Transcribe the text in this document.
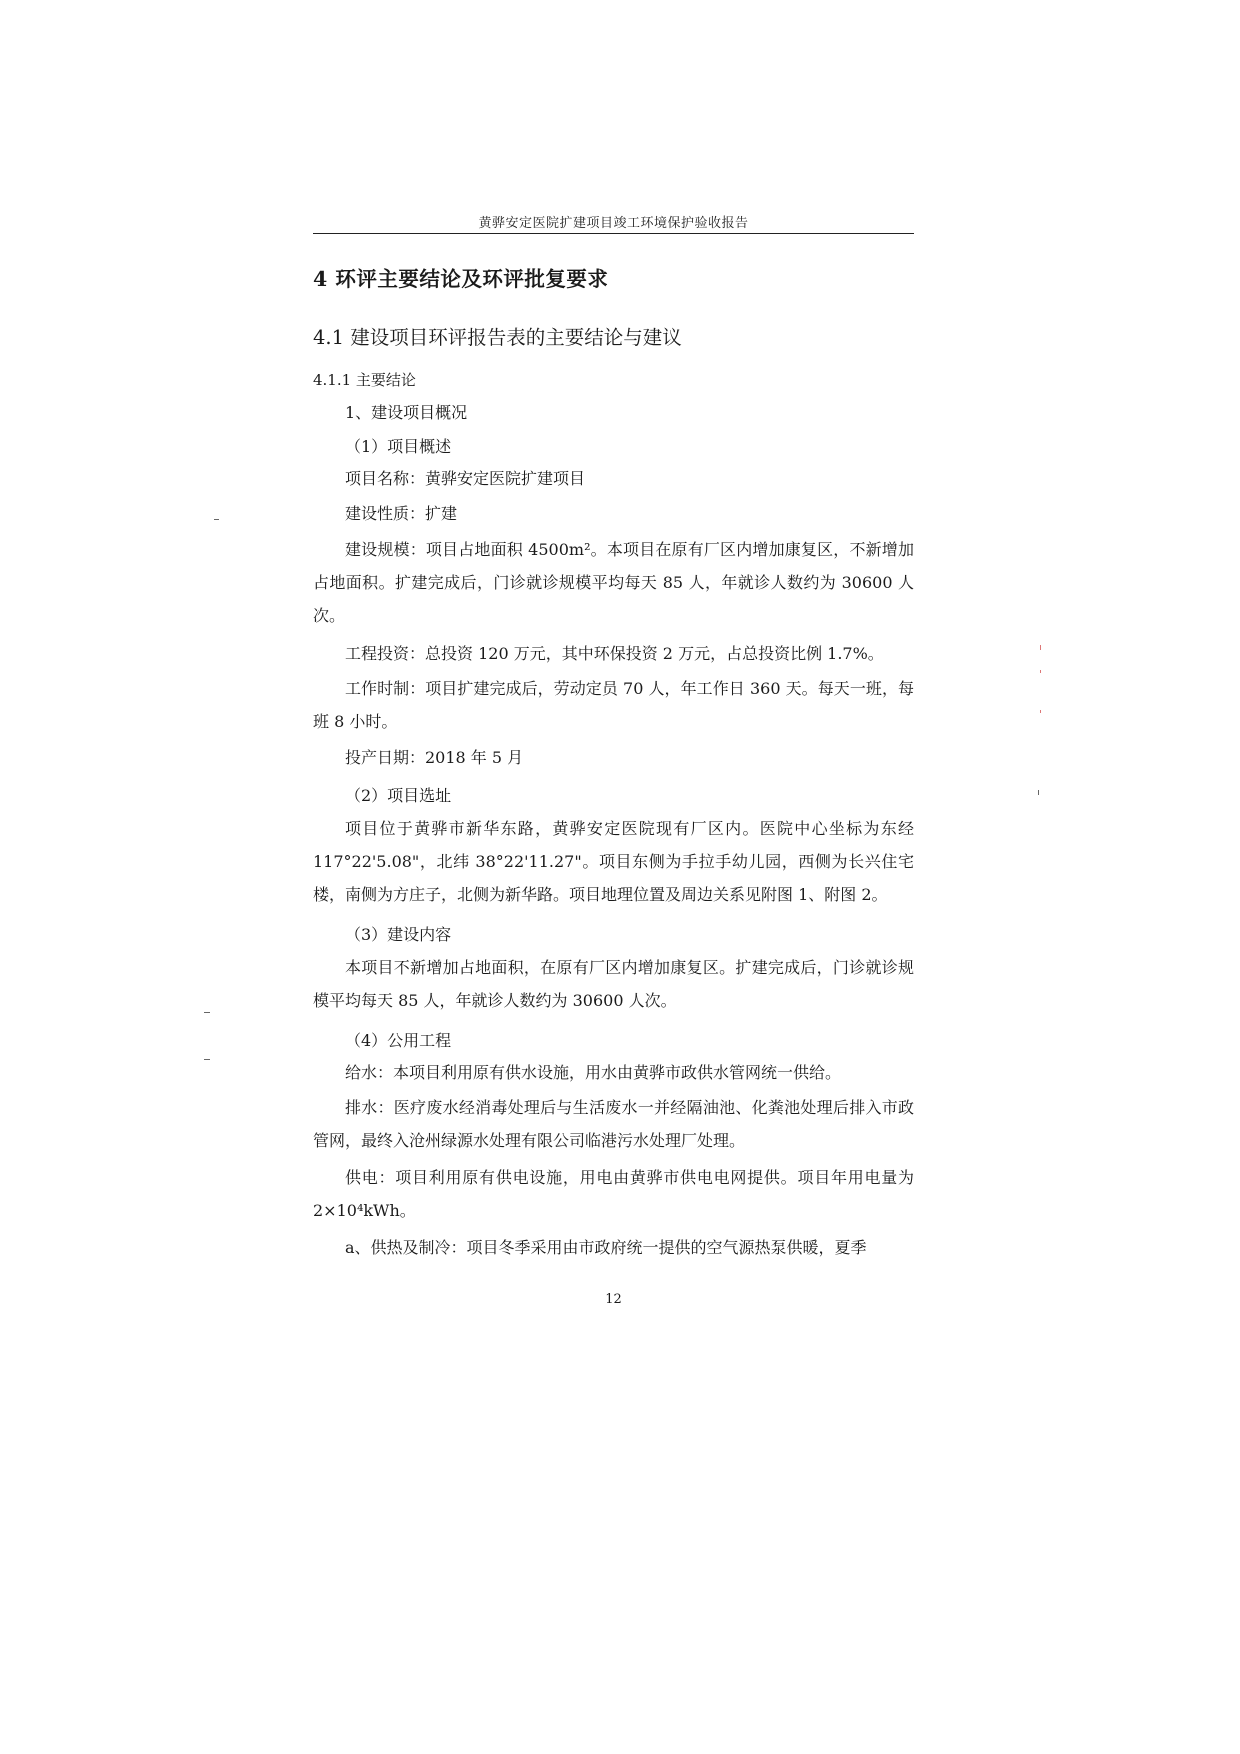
黄骅安定医院扩建项目竣工环境保护验收报告
4 环评主要结论及环评批复要求
4.1 建设项目环评报告表的主要结论与建议
4.1.1 主要结论
1、建设项目概况
（1）项目概述
项目名称：黄骅安定医院扩建项目
建设性质：扩建
建设规模：项目占地面积 4500m²。本项目在原有厂区内增加康复区，不新增加占地面积。扩建完成后，门诊就诊规模平均每天 85 人，年就诊人数约为 30600 人次。
工程投资：总投资 120 万元，其中环保投资 2 万元，占总投资比例 1.7%。
工作时制：项目扩建完成后，劳动定员 70 人，年工作日 360 天。每天一班，每班 8 小时。
投产日期：2018 年 5 月
（2）项目选址
项目位于黄骅市新华东路，黄骅安定医院现有厂区内。医院中心坐标为东经 117°22'5.08"，北纬 38°22'11.27"。项目东侧为手拉手幼儿园，西侧为长兴住宅楼，南侧为方庄子，北侧为新华路。项目地理位置及周边关系见附图 1、附图 2。
（3）建设内容
本项目不新增加占地面积，在原有厂区内增加康复区。扩建完成后，门诊就诊规模平均每天 85 人，年就诊人数约为 30600 人次。
（4）公用工程
给水：本项目利用原有供水设施，用水由黄骅市政供水管网统一供给。
排水：医疗废水经消毒处理后与生活废水一并经隔油池、化粪池处理后排入市政管网，最终入沧州绿源水处理有限公司临港污水处理厂处理。
供电：项目利用原有供电设施，用电由黄骅市供电电网提供。项目年用电量为 2×10⁴kWh。
a、供热及制冷：项目冬季采用由市政府统一提供的空气源热泵供暖，夏季
12
